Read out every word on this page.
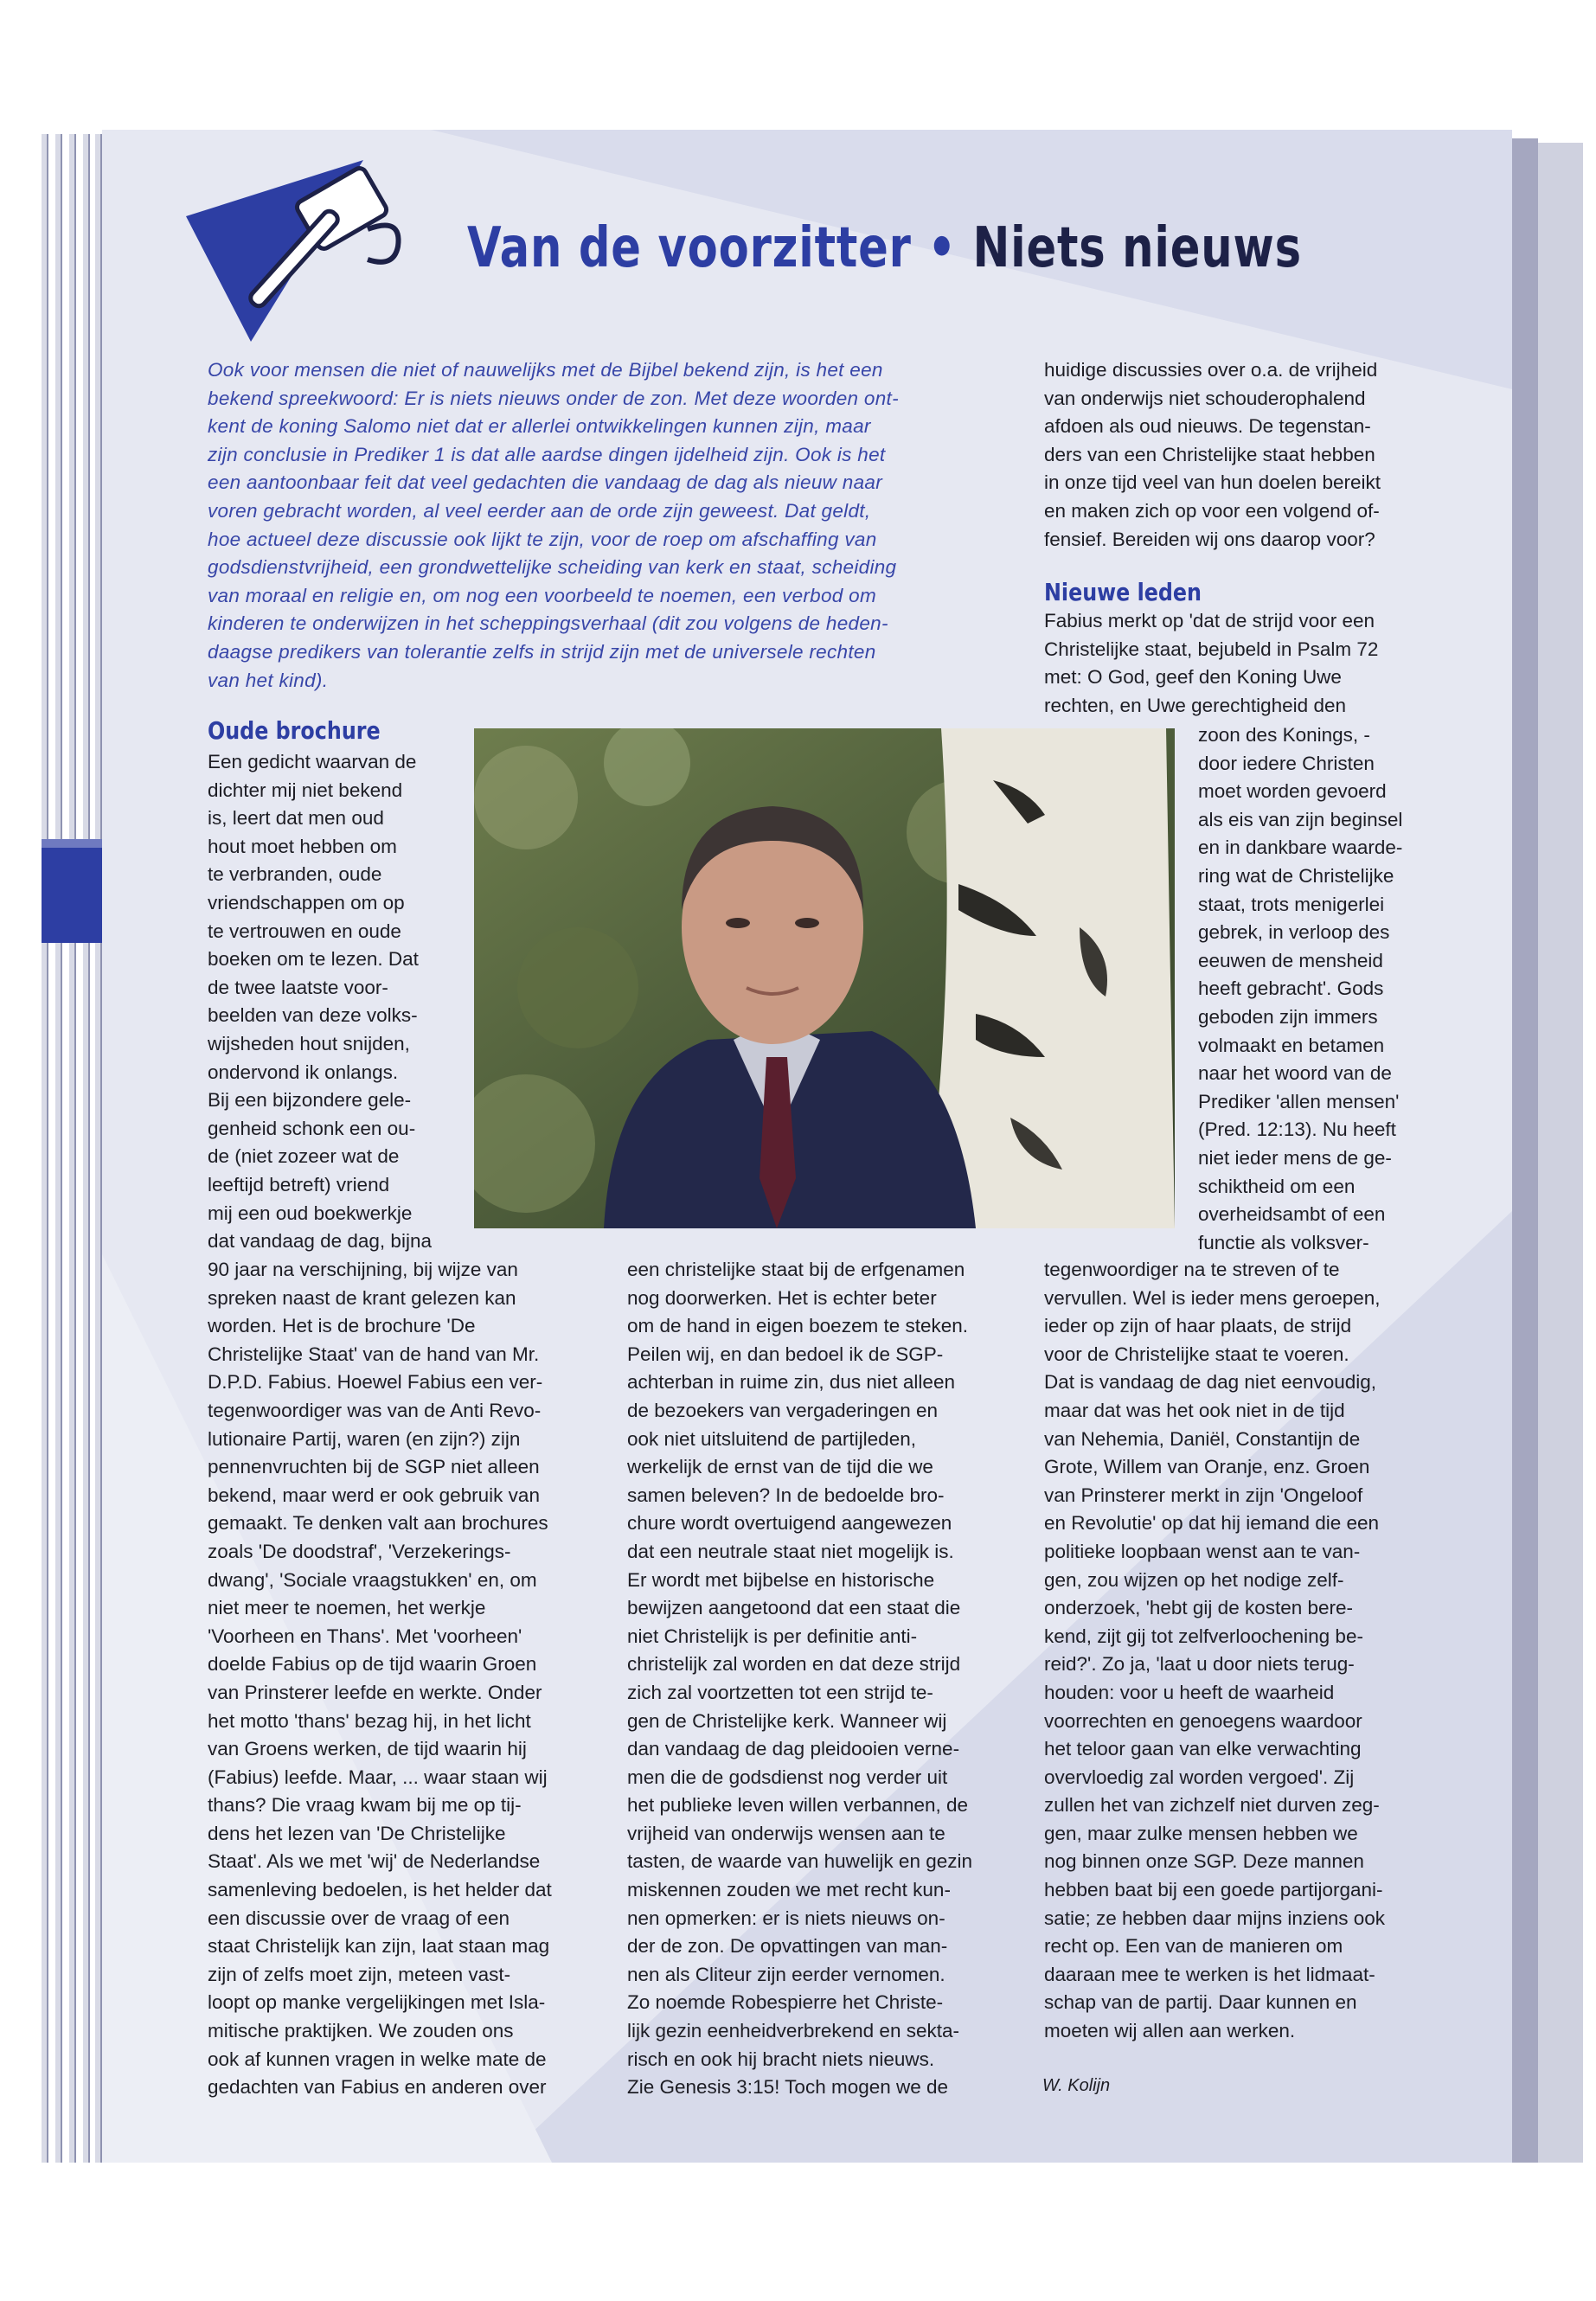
Van de voorzitter • Niets nieuws
Ook voor mensen die niet of nauwelijks met de Bijbel bekend zijn, is het een
bekend spreekwoord: Er is niets nieuws onder de zon. Met deze woorden ont-
kent de koning Salomo niet dat er allerlei ontwikkelingen kunnen zijn, maar
zijn conclusie in Prediker 1 is dat alle aardse dingen ijdelheid zijn. Ook is het
een aantoonbaar feit dat veel gedachten die vandaag de dag als nieuw naar
voren gebracht worden, al veel eerder aan de orde zijn geweest. Dat geldt,
hoe actueel deze discussie ook lijkt te zijn, voor de roep om afschaffing van
godsdienstvrijheid, een grondwettelijke scheiding van kerk en staat, scheiding
van moraal en religie en, om nog een voorbeeld te noemen, een verbod om
kinderen te onderwijzen in het scheppingsverhaal (dit zou volgens de heden-
daagse predikers van tolerantie zelfs in strijd zijn met de universele rechten
van het kind).
Oude brochure
Een gedicht waarvan de
dichter mij niet bekend
is, leert dat men oud
hout moet hebben om
te verbranden, oude
vriendschappen om op
te vertrouwen en oude
boeken om te lezen. Dat
de twee laatste voor-
beelden van deze volks-
wijsheden hout snijden,
ondervond ik onlangs.
Bij een bijzondere gele-
genheid schonk een ou-
de (niet zozeer wat de
leeftijd betreft) vriend
mij een oud boekwerkje
dat vandaag de dag, bijna
90 jaar na verschijning, bij wijze van
spreken naast de krant gelezen kan
worden. Het is de brochure 'De
Christelijke Staat' van de hand van Mr.
D.P.D. Fabius. Hoewel Fabius een ver-
tegenwoordiger was van de Anti Revo-
lutionaire Partij, waren (en zijn?) zijn
pennenvruchten bij de SGP niet alleen
bekend, maar werd er ook gebruik van
gemaakt. Te denken valt aan brochures
zoals 'De doodstraf', 'Verzekerings-
dwang', 'Sociale vraagstukken' en, om
niet meer te noemen, het werkje
'Voorheen en Thans'. Met 'voorheen'
doelde Fabius op de tijd waarin Groen
van Prinsterer leefde en werkte. Onder
het motto 'thans' bezag hij, in het licht
van Groens werken, de tijd waarin hij
(Fabius) leefde. Maar, ... waar staan wij
thans? Die vraag kwam bij me op tij-
dens het lezen van 'De Christelijke
Staat'. Als we met 'wij' de Nederlandse
samenleving bedoelen, is het helder dat
een discussie over de vraag of een
staat Christelijk kan zijn, laat staan mag
zijn of zelfs moet zijn, meteen vast-
loopt op manke vergelijkingen met Isla-
mitische praktijken. We zouden ons
ook af kunnen vragen in welke mate de
gedachten van Fabius en anderen over
een christelijke staat bij de erfgenamen
nog doorwerken. Het is echter beter
om de hand in eigen boezem te steken.
Peilen wij, en dan bedoel ik de SGP-
achterban in ruime zin, dus niet alleen
de bezoekers van vergaderingen en
ook niet uitsluitend de partijleden,
werkelijk de ernst van de tijd die we
samen beleven? In de bedoelde bro-
chure wordt overtuigend aangewezen
dat een neutrale staat niet mogelijk is.
Er wordt met bijbelse en historische
bewijzen aangetoond dat een staat die
niet Christelijk is per definitie anti-
christelijk zal worden en dat deze strijd
zich zal voortzetten tot een strijd te-
gen de Christelijke kerk. Wanneer wij
dan vandaag de dag pleidooien verne-
men die de godsdienst nog verder uit
het publieke leven willen verbannen, de
vrijheid van onderwijs wensen aan te
tasten, de waarde van huwelijk en gezin
miskennen zouden we met recht kun-
nen opmerken: er is niets nieuws on-
der de zon. De opvattingen van man-
nen als Cliteur zijn eerder vernomen.
Zo noemde Robespierre het Christe-
lijk gezin eenheidverbrekend en sekta-
risch en ook hij bracht niets nieuws.
Zie Genesis 3:15! Toch mogen we de
huidige discussies over o.a. de vrijheid
van onderwijs niet schouderophalend
afdoen als oud nieuws. De tegenstan-
ders van een Christelijke staat hebben
in onze tijd veel van hun doelen bereikt
en maken zich op voor een volgend of-
fensief. Bereiden wij ons daarop voor?
Nieuwe leden
Fabius merkt op 'dat de strijd voor een
Christelijke staat, bejubeld in Psalm 72
met: O God, geef den Koning Uwe
rechten, en Uwe gerechtigheid den
zoon des Konings, -
door iedere Christen
moet worden gevoerd
als eis van zijn beginsel
en in dankbare waarde-
ring wat de Christelijke
staat, trots menigerlei
gebrek, in verloop des
eeuwen de mensheid
heeft gebracht'. Gods
geboden zijn immers
volmaakt en betamen
naar het woord van de
Prediker 'allen mensen'
(Pred. 12:13). Nu heeft
niet ieder mens de ge-
schiktheid om een
overheidsambt of een
functie als volksver-
tegenwoordiger na te streven of te
vervullen. Wel is ieder mens geroepen,
ieder op zijn of haar plaats, de strijd
voor de Christelijke staat te voeren.
Dat is vandaag de dag niet eenvoudig,
maar dat was het ook niet in de tijd
van Nehemia, Daniël, Constantijn de
Grote, Willem van Oranje, enz. Groen
van Prinsterer merkt in zijn 'Ongeloof
en Revolutie' op dat hij iemand die een
politieke loopbaan wenst aan te van-
gen, zou wijzen op het nodige zelf-
onderzoek, 'hebt gij de kosten bere-
kend, zijt gij tot zelfverloochening be-
reid?'. Zo ja, 'laat u door niets terug-
houden: voor u heeft de waarheid
voorrechten en genoegens waardoor
het teloor gaan van elke verwachting
overvloedig zal worden vergoed'. Zij
zullen het van zichzelf niet durven zeg-
gen, maar zulke mensen hebben we
nog binnen onze SGP. Deze mannen
hebben baat bij een goede partijorgani-
satie; ze hebben daar mijns inziens ook
recht op. Een van de manieren om
daaraan mee te werken is het lidmaat-
schap van de partij. Daar kunnen en
moeten wij allen aan werken.
W. Kolijn
